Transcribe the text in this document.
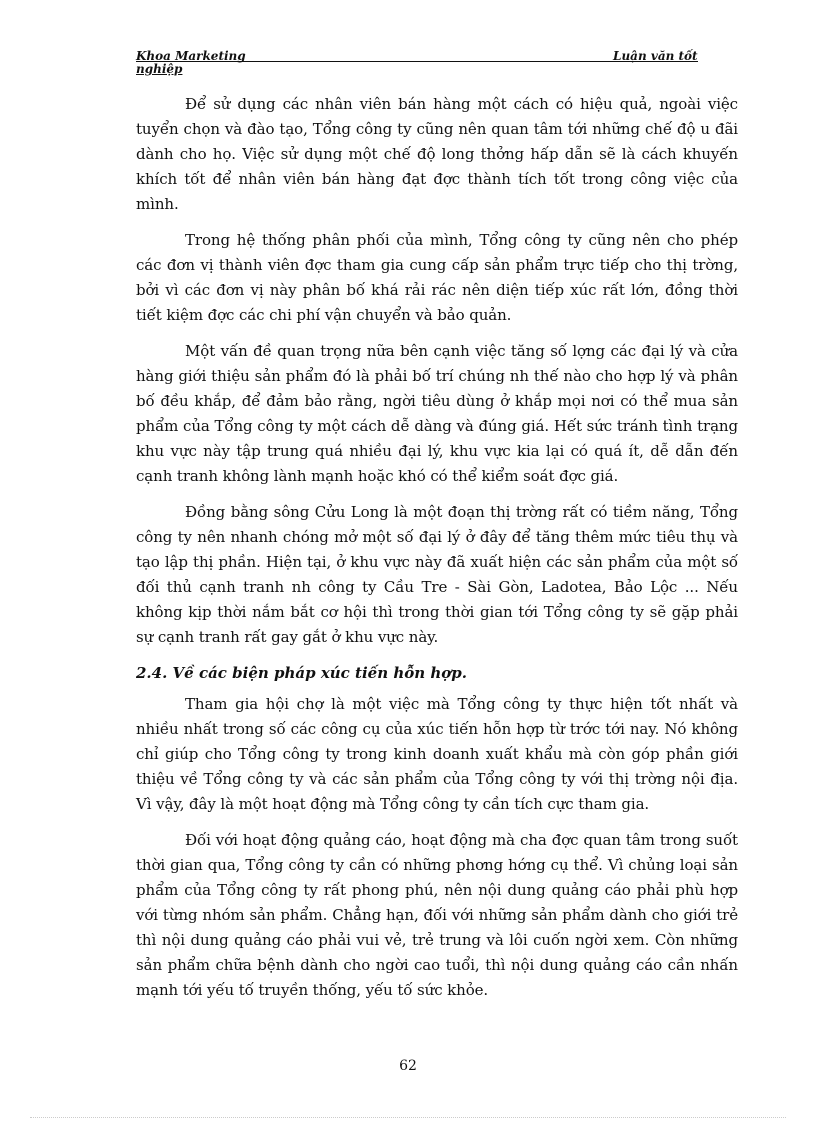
Khoa Marketing	Luận văn tốt
nghiệp

Để sử dụng các nhân viên bán hàng một cách có hiệu quả, ngoài việc tuyển chọn và đào tạo, Tổng công ty cũng nên quan tâm tới những chế độ u đãi dành cho họ. Việc sử dụng một chế độ long thởng hấp dẫn sẽ là cách khuyến khích tốt để nhân viên bán hàng đạt đợc thành tích tốt trong công việc của mình.

Trong hệ thống phân phối của mình, Tổng công ty cũng nên cho phép các đơn vị thành viên đợc tham gia cung cấp sản phẩm trực tiếp cho thị trờng, bởi vì các đơn vị này phân bố khá rải rác nên diện tiếp xúc rất lớn, đồng thời tiết kiệm đợc các chi phí vận chuyển và bảo quản.

Một vấn đề quan trọng nữa bên cạnh việc tăng số lợng các đại lý và cửa hàng giới thiệu sản phẩm đó là phải bố trí chúng nh thế nào cho hợp lý và phân bố đều khắp, để đảm bảo rằng, ngời tiêu dùng ở khắp mọi nơi có thể mua sản phẩm của Tổng công ty một cách dễ dàng và đúng giá. Hết sức tránh tình trạng khu vực này tập trung quá nhiều đại lý, khu vực kia lại có quá ít, dễ dẫn đến cạnh tranh không lành mạnh hoặc khó có thể kiểm soát đợc giá.

Đồng bằng sông Cửu Long là một đoạn thị trờng rất có tiềm năng, Tổng công ty nên nhanh chóng mở một số đại lý ở đây để tăng thêm mức tiêu thụ và tạo lập thị phần. Hiện tại, ở khu vực này đã xuất hiện các sản phẩm của một số đối thủ cạnh tranh nh công ty Cầu Tre - Sài Gòn, Ladotea, Bảo Lộc ... Nếu không kịp thời nắm bắt cơ hội thì trong thời gian tới Tổng công ty sẽ gặp phải sự cạnh tranh rất gay gắt ở khu vực này.

2.4. Về các biện pháp xúc tiến hỗn hợp.

Tham gia hội chợ là một việc mà Tổng công ty thực hiện tốt nhất và nhiều nhất trong số các công cụ của xúc tiến hỗn hợp từ trớc tới nay. Nó không chỉ giúp cho Tổng công ty trong kinh doanh xuất khẩu mà còn góp phần giới thiệu về Tổng công ty và các sản phẩm của Tổng công ty với thị trờng nội địa. Vì vậy, đây là một hoạt động mà Tổng công ty cần tích cực tham gia.

Đối với hoạt động quảng cáo, hoạt động mà cha đợc quan tâm trong suốt thời gian qua, Tổng công ty cần có những phơng hớng cụ thể. Vì chủng loại sản phẩm của Tổng công ty rất phong phú, nên nội dung quảng cáo phải phù hợp với từng nhóm sản phẩm. Chẳng hạn, đối với những sản phẩm dành cho giới trẻ thì nội dung quảng cáo phải vui vẻ, trẻ trung và lôi cuốn ngời xem. Còn những sản phẩm chữa bệnh dành cho ngời cao tuổi, thì nội dung quảng cáo cần nhấn mạnh tới yếu tố truyền thống, yếu tố sức khỏe.

62
